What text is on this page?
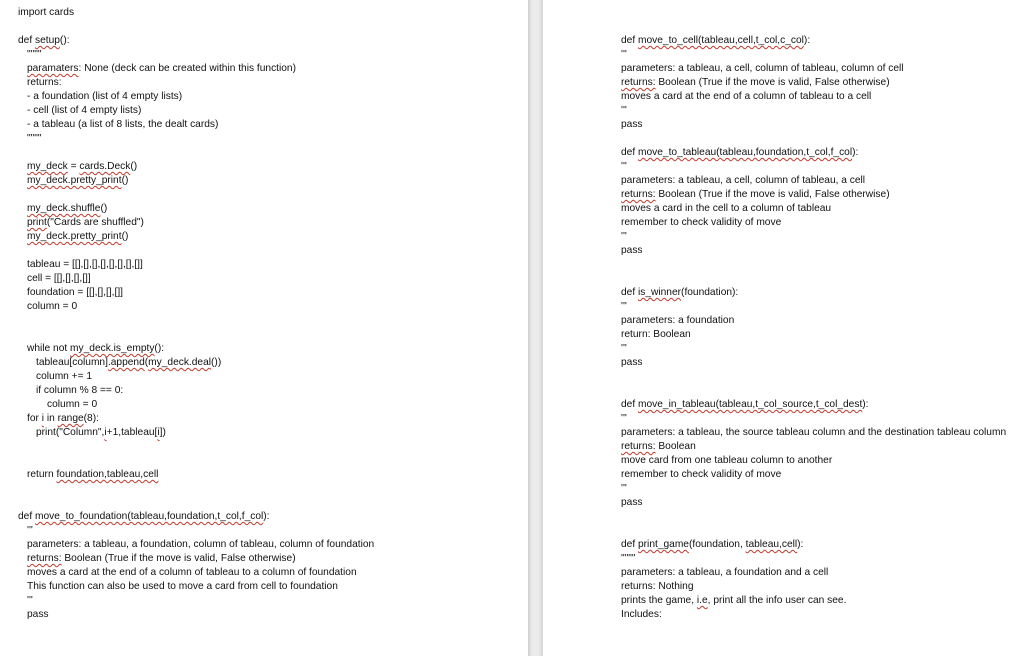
import cards
def setup():
""""
paramaters: None (deck can be created within this function)
returns:
- a foundation (list of 4 empty lists)
- cell (list of 4 empty lists)
- a tableau (a list of 8 lists, the dealt cards)
""""
my_deck = cards.Deck()
my_deck.pretty_print()
my_deck.shuffle()
print("Cards are shuffled")
my_deck.pretty_print()
tableau = [[],[],[],[],[],[],[],[]]
cell = [[],[],[],[]]
foundation = [[],[],[],[]]
column = 0
while not my_deck.is_empty():
tableau[column].append(my_deck.deal())
column += 1
if column % 8 == 0:
column = 0
for i in range(8):
print("Column",i+1,tableau[i])
return foundation,tableau,cell
def move_to_foundation(tableau,foundation,t_col,f_col):
'''
parameters: a tableau, a foundation, column of tableau, column of foundation
returns: Boolean (True if the move is valid, False otherwise)
moves a card at the end of a column of tableau to a column of foundation
This function can also be used to move a card from cell to foundation
'''
pass
def move_to_cell(tableau,cell,t_col,c_col):
'''
parameters: a tableau, a cell, column of tableau, column of cell
returns: Boolean (True if the move is valid, False otherwise)
moves a card at the end of a column of tableau to a cell
'''
pass
def move_to_tableau(tableau,foundation,t_col,f_col):
'''
parameters: a tableau, a cell, column of tableau, a cell
returns: Boolean (True if the move is valid, False otherwise)
moves a card in the cell to a column of tableau
remember to check validity of move
'''
pass
def is_winner(foundation):
'''
parameters: a foundation
return: Boolean
'''
pass
def move_in_tableau(tableau,t_col_source,t_col_dest):
'''
parameters: a tableau, the source tableau column and the destination tableau column
returns: Boolean
move card from one tableau column to another
remember to check validity of move
'''
pass
def print_game(foundation, tableau,cell):
""""
parameters: a tableau, a foundation and a cell
returns: Nothing
prints the game, i.e, print all the info user can see.
Includes:
